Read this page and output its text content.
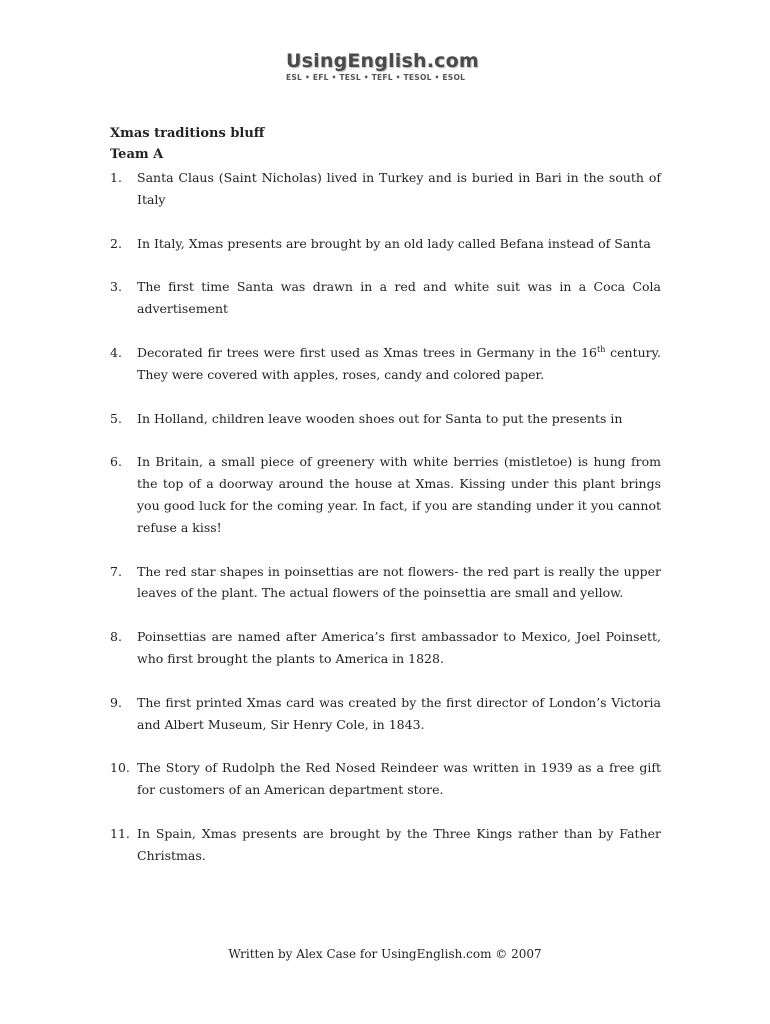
UsingEnglish.com
ESL • EFL • TESL • TEFL • TESOL • ESOL
Xmas traditions bluff
Team A
1.	Santa Claus (Saint Nicholas) lived in Turkey and is buried in Bari in the south of Italy
2.	In Italy, Xmas presents are brought by an old lady called Befana instead of Santa
3.	The first time Santa was drawn in a red and white suit was in a Coca Cola advertisement
4.	Decorated fir trees were first used as Xmas trees in Germany in the 16th century. They were covered with apples, roses, candy and colored paper.
5.	In Holland, children leave wooden shoes out for Santa to put the presents in
6.	In Britain, a small piece of greenery with white berries (mistletoe) is hung from the top of a doorway around the house at Xmas. Kissing under this plant brings you good luck for the coming year. In fact, if you are standing under it you cannot refuse a kiss!
7.	The red star shapes in poinsettias are not flowers- the red part is really the upper leaves of the plant. The actual flowers of the poinsettia are small and yellow.
8.	Poinsettias are named after America’s first ambassador to Mexico, Joel Poinsett, who first brought the plants to America in 1828.
9.	The first printed Xmas card was created by the first director of London’s Victoria and Albert Museum, Sir Henry Cole, in 1843.
10. The Story of Rudolph the Red Nosed Reindeer was written in 1939 as a free gift for customers of an American department store.
11. In Spain, Xmas presents are brought by the Three Kings rather than by Father Christmas.
Written by Alex Case for UsingEnglish.com © 2007
